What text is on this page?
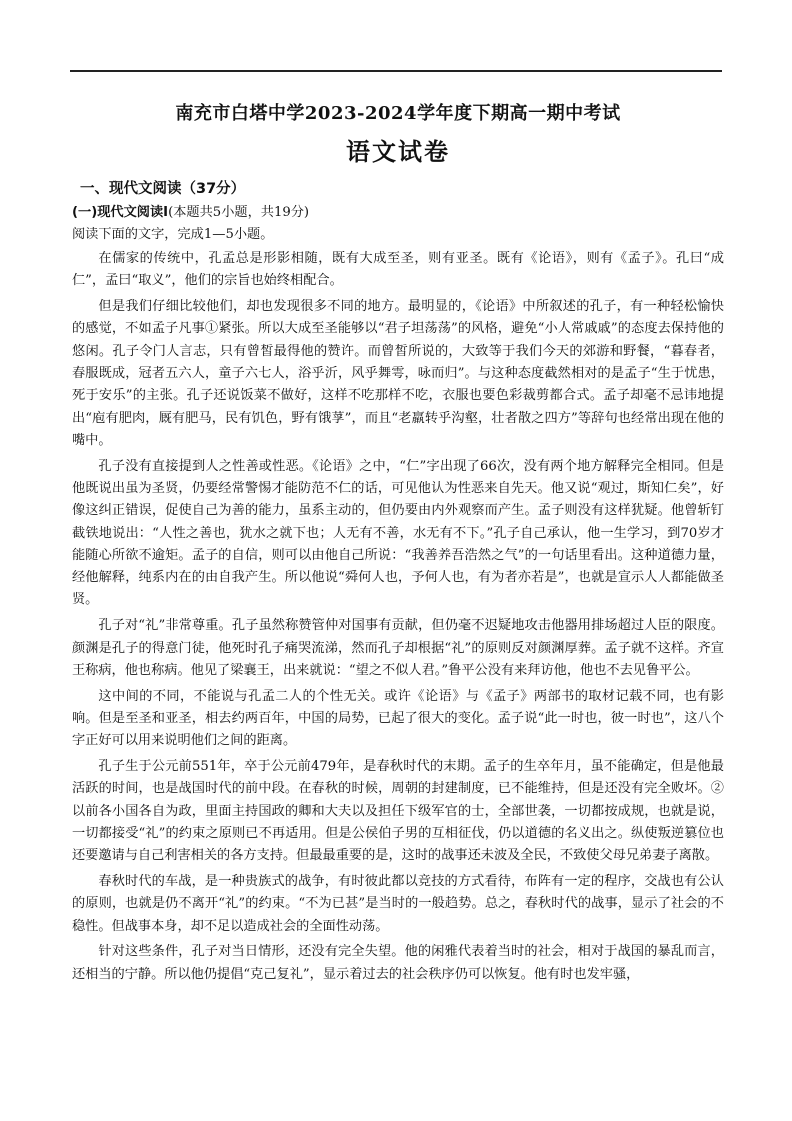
南充市白塔中学2023-2024学年度下期高一期中考试
语文试卷
一、现代文阅读（37分）
(一)现代文阅读Ⅰ(本题共5小题，共19分)
阅读下面的文字，完成1—5小题。

在儒家的传统中，孔孟总是形影相随，既有大成至圣，则有亚圣。既有《论语》，则有《孟子》。孔曰“成仁”，孟曰“取义”，他们的宗旨也始终相配合。

但是我们仔细比较他们，却也发现很多不同的地方。最明显的，《论语》中所叙述的孔子，有一种轻松愉快的感觉，不如孟子凡事①紧张。所以大成至圣能够以“君子坦荡荡”的风格，避免“小人常戚戚”的态度去保持他的悠闲。孔子令门人言志，只有曾皙最得他的赞许。而曾皙所说的，大致等于我们今天的郊游和野餐，“暮春者，春服既成，冠者五六人，童子六七人，浴乎沂，风乎舞雩，咏而归”。与这种态度截然相对的是孟子“生于忧患，死于安乐”的主张。孔子还说饭菜不做好，这样不吃那样不吃，衣服也要色彩裁剪都合式。孟子却毫不忌讳地提出“庖有肥肉，厩有肥马，民有饥色，野有饿莩”，而且“老羸转乎沟壑，壮者散之四方”等辞句也经常出现在他的嘴中。

孔子没有直接提到人之性善或性恶。《论语》之中，“仁”字出现了66次，没有两个地方解释完全相同。但是他既说出虽为圣贤，仍要经常警惕才能防范不仁的话，可见他认为性恶来自先天。他又说“观过，斯知仁矣”，好像这纠正错误，促使自己为善的能力，虽系主动的，但仍要由内外观察而产生。孟子则没有这样犹疑。他曾斩钉截铁地说出：“人性之善也，犹水之就下也；人无有不善，水无有不下。”孔子自己承认，他一生学习，到70岁才能随心所欲不逾矩。孟子的自信，则可以由他自己所说：“我善养吾浩然之气”的一句话里看出。这种道德力量，经他解释，纯系内在的由自我产生。所以他说“舜何人也，予何人也，有为者亦若是”，也就是宣示人人都能做圣贤。

孔子对“礼”非常尊重。孔子虽然称赞管仲对国事有贡献，但仍毫不迟疑地攻击他器用排场超过人臣的限度。颜渊是孔子的得意门徒，他死时孔子痛哭流涕，然而孔子却根据“礼”的原则反对颜渊厚葬。孟子就不这样。齐宣王称病，他也称病。他见了梁襄王，出来就说：“望之不似人君。”鲁平公没有来拜访他，他也不去见鲁平公。

这中间的不同，不能说与孔孟二人的个性无关。或许《论语》与《孟子》两部书的取材记载不同，也有影响。但是至圣和亚圣，相去约两百年，中国的局势，已起了很大的变化。孟子说“此一时也，彼一时也”，这八个字正好可以用来说明他们之间的距离。

孔子生于公元前551年，卒于公元前479年，是春秋时代的末期。孟子的生卒年月，虽不能确定，但是他最活跃的时间，也是战国时代的前中段。在春秋的时候，周朝的封建制度，已不能维持，但是还没有完全败坏。②以前各小国各自为政，里面主持国政的卿和大夫以及担任下级军官的士，全部世袭，一切都按成规，也就是说，一切都接受“礼”的约束之原则已不再适用。但是公侯伯子男的互相征伐，仍以道德的名义出之。纵使叛逆篡位也还要邀请与自己利害相关的各方支持。但最最重要的是，这时的战事还未波及全民，不致使父母兄弟妻子离散。

春秋时代的车战，是一种贵族式的战争，有时彼此都以竞技的方式看待，布阵有一定的程序，交战也有公认的原则，也就是仍不离开“礼”的约束。“不为已甚”是当时的一般趋势。总之，春秋时代的战事，显示了社会的不稳性。但战事本身，却不足以造成社会的全面性动荡。

针对这些条件，孔子对当日情形，还没有完全失望。他的闲雅代表着当时的社会，相对于战国的暴乱而言，还相当的宁静。所以他仍提倡“克己复礼”，显示着过去的社会秩序仍可以恢复。他有时也发牢骚，
